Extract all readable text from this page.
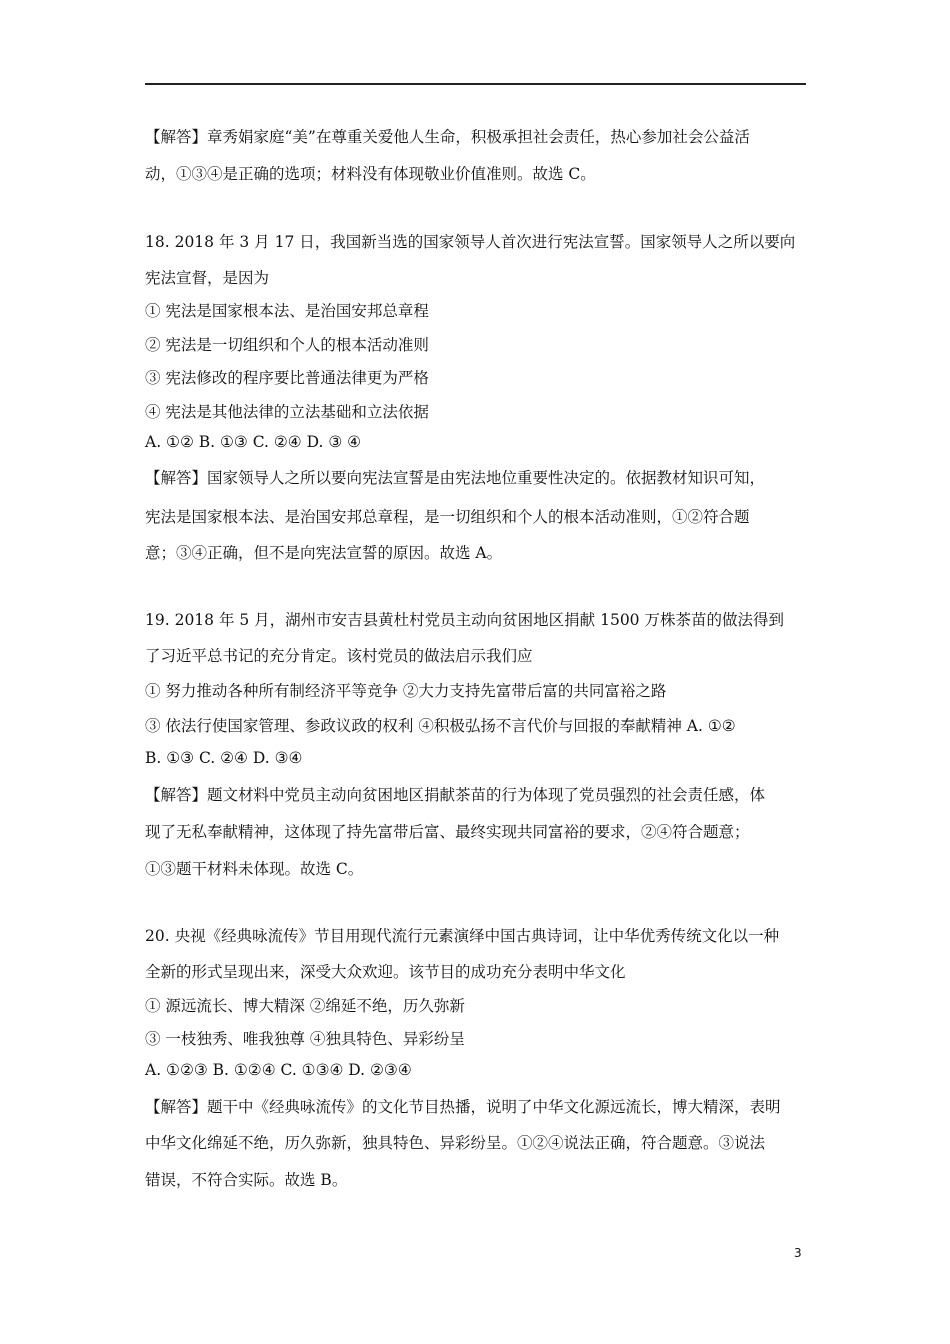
【解答】章秀娟家庭“美”在尊重关爱他人生命，积极承担社会责任，热心参加社会公益活
动，①③④是正确的选项；材料没有体现敬业价值准则。故选 C。
18. 2018 年 3 月 17 日，我国新当选的国家领导人首次进行宪法宣誓。国家领导人之所以要向
宪法宣督，是因为
① 宪法是国家根本法、是治国安邦总章程
② 宪法是一切组织和个人的根本活动准则
③ 宪法修改的程序要比普通法律更为严格
④ 宪法是其他法律的立法基础和立法依据
A. ①② B. ①③ C. ②④ D. ③ ④
【解答】国家领导人之所以要向宪法宣誓是由宪法地位重要性决定的。依据教材知识可知，
宪法是国家根本法、是治国安邦总章程，是一切组织和个人的根本活动准则，①②符合题
意；③④正确，但不是向宪法宣誓的原因。故选 A。
19. 2018 年 5 月，湖州市安吉县黄杜村党员主动向贫困地区捐献 1500 万株茶苗的做法得到
了习近平总书记的充分肯定。该村党员的做法启示我们应
① 努力推动各种所有制经济平等竞争 ②大力支持先富带后富的共同富裕之路
③ 依法行使国家管理、参政议政的权利 ④积极弘扬不言代价与回报的奉献精神 A. ①②
B. ①③ C. ②④ D. ③④
【解答】题文材料中党员主动向贫困地区捐献茶苗的行为体现了党员强烈的社会责任感，体
现了无私奉献精神，这体现了持先富带后富、最终实现共同富裕的要求，②④符合题意；
①③题干材料未体现。故选 C。
20. 央视《经典咏流传》节目用现代流行元素演绎中国古典诗词，让中华优秀传统文化以一种
全新的形式呈现出来，深受大众欢迎。该节目的成功充分表明中华文化
① 源远流长、博大精深 ②绵延不绝，历久弥新
③ 一枝独秀、唯我独尊 ④独具特色、异彩纷呈
A. ①②③ B. ①②④ C. ①③④ D. ②③④
【解答】题干中《经典咏流传》的文化节目热播，说明了中华文化源远流长，博大精深，表明
中华文化绵延不绝，历久弥新，独具特色、异彩纷呈。①②④说法正确，符合题意。③说法
错误，不符合实际。故选 B。
3
